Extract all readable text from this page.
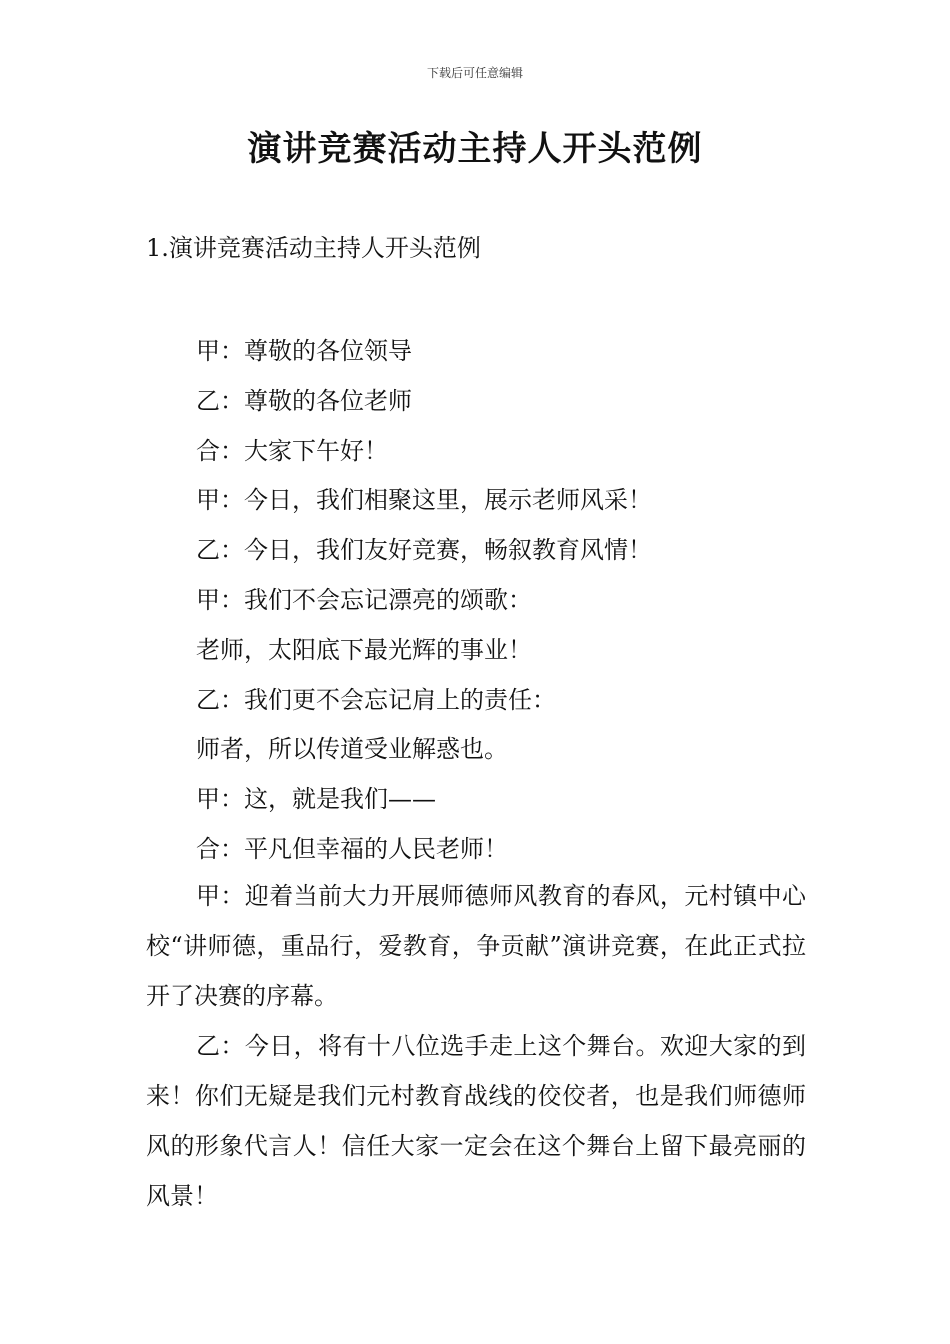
下载后可任意编辑
演讲竞赛活动主持人开头范例
1.演讲竞赛活动主持人开头范例
甲：尊敬的各位领导
乙：尊敬的各位老师
合：大家下午好！
甲：今日，我们相聚这里，展示老师风采！
乙：今日，我们友好竞赛，畅叙教育风情！
甲：我们不会忘记漂亮的颂歌：
老师，太阳底下最光辉的事业！
乙：我们更不会忘记肩上的责任：
师者，所以传道受业解惑也。
甲：这，就是我们——
合：平凡但幸福的人民老师！

甲：迎着当前大力开展师德师风教育的春风，元村镇中心校“讲师德，重品行，爱教育，争贡献”演讲竞赛，在此正式拉开了决赛的序幕。

乙：今日，将有十八位选手走上这个舞台。欢迎大家的到来！你们无疑是我们元村教育战线的佼佼者，也是我们师德师风的形象代言人！信任大家一定会在这个舞台上留下最亮丽的风景！
